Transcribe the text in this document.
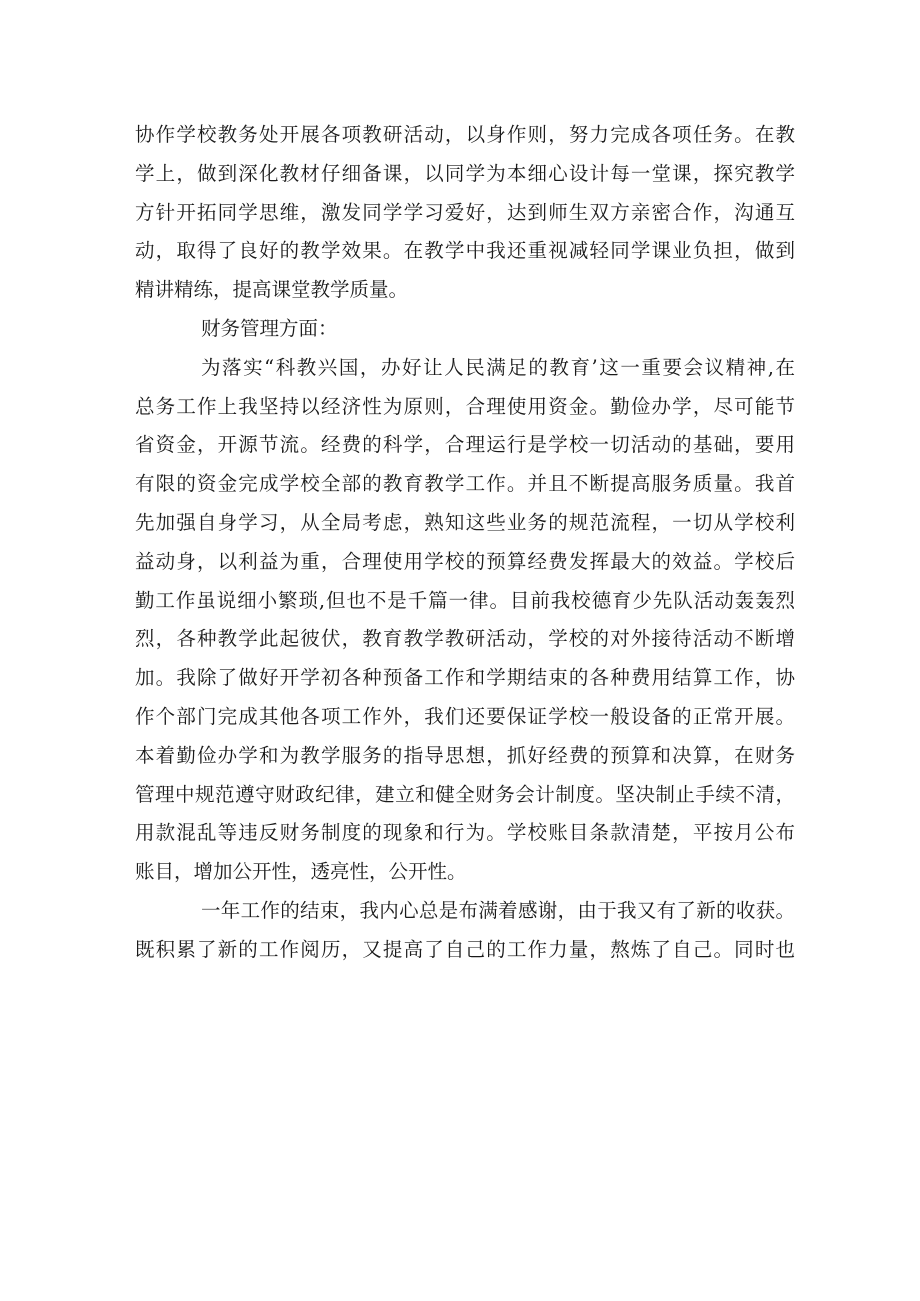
协作学校教务处开展各项教研活动，以身作则，努力完成各项任务。在教
学上，做到深化教材仔细备课，以同学为本细心设计每一堂课，探究教学
方针开拓同学思维，激发同学学习爱好，达到师生双方亲密合作，沟通互
动，取得了良好的教学效果。在教学中我还重视减轻同学课业负担，做到
精讲精练，提高课堂教学质量。
财务管理方面：
为落实“科教兴国，办好让人民满足的教育’这一重要会议精神,在
总务工作上我坚持以经济性为原则，合理使用资金。勤俭办学，尽可能节
省资金，开源节流。经费的科学，合理运行是学校一切活动的基础，要用
有限的资金完成学校全部的教育教学工作。并且不断提高服务质量。我首
先加强自身学习，从全局考虑，熟知这些业务的规范流程，一切从学校利
益动身，以利益为重，合理使用学校的预算经费发挥最大的效益。学校后
勤工作虽说细小繁琐,但也不是千篇一律。目前我校德育少先队活动轰轰烈
烈，各种教学此起彼伏，教育教学教研活动，学校的对外接待活动不断增
加。我除了做好开学初各种预备工作和学期结束的各种费用结算工作，协
作个部门完成其他各项工作外，我们还要保证学校一般设备的正常开展。
本着勤俭办学和为教学服务的指导思想，抓好经费的预算和决算，在财务
管理中规范遵守财政纪律，建立和健全财务会计制度。坚决制止手续不清，
用款混乱等违反财务制度的现象和行为。学校账目条款清楚，平按月公布
账目，增加公开性，透亮性，公开性。
一年工作的结束，我内心总是布满着感谢，由于我又有了新的收获。
既积累了新的工作阅历，又提高了自己的工作力量，熬炼了自己。同时也
